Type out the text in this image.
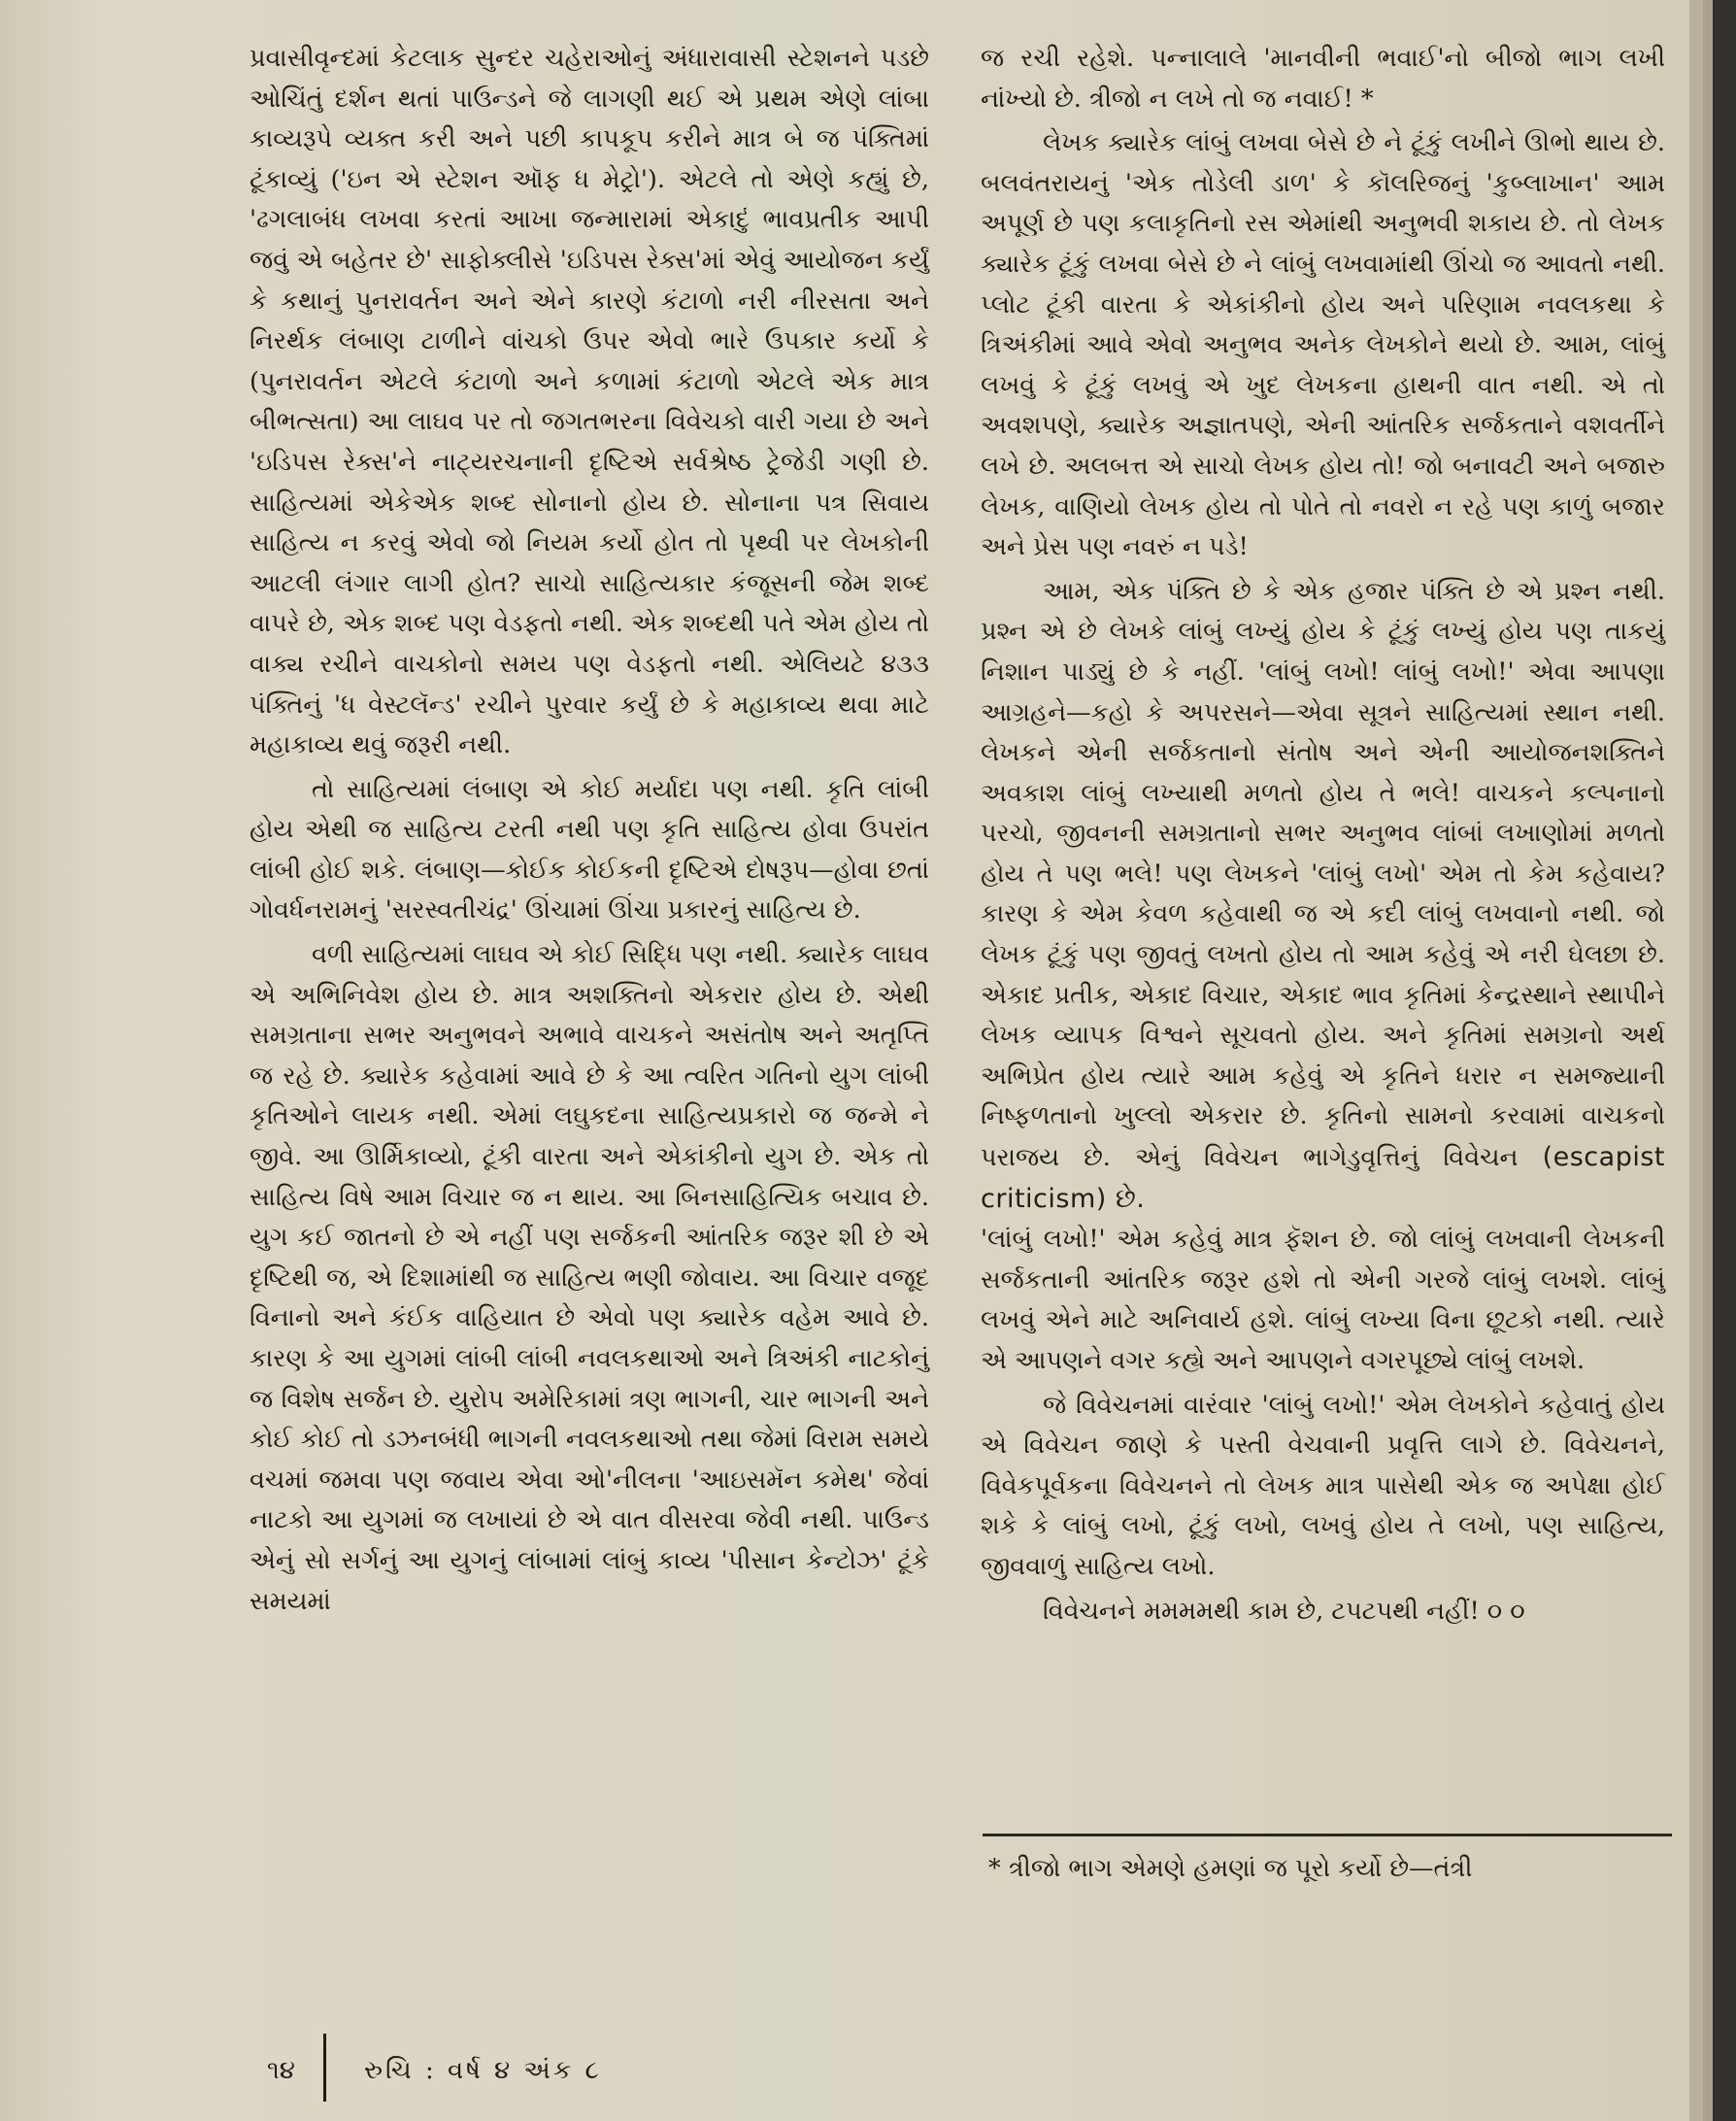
પ્રવાસીવૃન્દમાં કેટલાક સુન્દર ચહેરાઓનું અંધારાવાસી સ્ટેશનને પડછે ઓચિંતું દર્શન થતાં પાઉન્ડને જે લાગણી થઈ એ પ્રથમ એણે લાંબા કાવ્યરૂપે વ્યક્ત કરી અને પછી કાપકૂપ કરીને માત્ર બે જ પંક્તિમાં ટૂંકાવ્યું ('ઇન એ સ્ટેશન ઑફ ધ મેટ્રો'). એટલે તો એણે કહ્યું છે, 'ઢગલાબંધ લખવા કરતાં આખા જન્મારામાં એકાદું ભાવપ્રતીક આપી જવું એ બહેતર છે' સાફોક્લીસે 'ઇડિપસ રેક્સ'માં એવું આયોજન કર્યું કે કથાનું પુનરાવર્તન અને એને કારણે કંટાળો નરી નીરસતા અને નિરર્થક લંબાણ ટાળીને વાંચકો ઉપર એવો ભારે ઉપકાર કર્યો કે (પુનરાવર્તન એટલે કંટાળો અને કળામાં કંટાળો એટલે એક માત્ર બીભત્સતા) આ લાઘવ પર તો જગતભરના વિવેચકો વારી ગયા છે અને 'ઇડિપસ રેક્સ'ને નાટ્યરચનાની દૃષ્ટિએ સર્વશ્રેષ્ઠ ટ્રેજેડી ગણી છે. સાહિત્યમાં એકેએક શબ્દ સોનાનો હોય છે. સોનાના પત્ર સિવાય સાહિત્ય ન કરવું એવો જો નિયમ કર્યો હોત તો પૃથ્વી પર લેખકોની આટલી લંગાર લાગી હોત? સાચો સાહિત્યકાર કંજૂસની જેમ શબ્દ વાપરે છે, એક શબ્દ પણ વેડફતો નથી. એક શબ્દથી પતે એમ હોય તો વાક્ય રચીને વાચકોનો સમય પણ વેડફતો નથી. એલિયટે ૪૩૩ પંક્તિનું 'ધ વેસ્ટલૅન્ડ' રચીને પુરવાર કર્યું છે કે મહાકાવ્ય થવા માટે મહાકાવ્ય થવું જરૂરી નથી.

તો સાહિત્યમાં લંબાણ એ કોઈ મર્યાદા પણ નથી. કૃતિ લાંબી હોય એથી જ સાહિત્ય ટરતી નથી પણ કૃતિ સાહિત્ય હોવા ઉપરાંત લાંબી હોઈ શકે. લંબાણ—કોઈક કોઈકની દૃષ્ટિએ દોષરૂપ—હોવા છતાં ગોવર્ધનરામનું 'સરસ્વતીચંદ્ર' ઊંચામાં ઊંચા પ્રકારનું સાહિત્ય છે.

વળી સાહિત્યમાં લાઘવ એ કોઈ સિદ્ધિ પણ નથી. ક્યારેક લાઘવ એ અભિનિવેશ હોય છે. માત્ર અશક્તિનો એકરાર હોય છે. એથી સમગ્રતાના સભર અનુભવને અભાવે વાચકને અસંતોષ અને અતૃપ્તિ જ રહે છે. ક્યારેક કહેવામાં આવે છે કે આ ત્વરિત ગતિનો યુગ લાંબી કૃતિઓને લાયક નથી. એમાં લઘુકદના સાહિત્યપ્રકારો જ જન્મે ને જીવે. આ ઊર્મિકાવ્યો, ટૂંકી વારતા અને એકાંકીનો યુગ છે. એક તો સાહિત્ય વિષે આમ વિચાર જ ન થાય. આ બિનસાહિત્યિક બચાવ છે. યુગ કઈ જાતનો છે એ નહીં પણ સર્જકની આંતરિક જરૂર શી છે એ દૃષ્ટિથી જ, એ દિશામાંથી જ સાહિત્ય ભણી જોવાય. આ વિચાર વજૂદ વિનાનો અને કંઈક વાહિયાત છે એવો પણ ક્યારેક વહેમ આવે છે. કારણ કે આ યુગમાં લાંબી લાંબી નવલકથાઓ અને ત્રિઅંકી નાટકોનું જ વિશેષ સર્જન છે. યુરોપ અમેરિકામાં ત્રણ ભાગની, ચાર ભાગની અને કોઈ કોઈ તો ડઝનબંધી ભાગની નવલકથાઓ તથા જેમાં વિરામ સમયે વચમાં જમવા પણ જવાય એવા ઓ'નીલના 'આઇસમૅન કમેથ' જેવાં નાટકો આ યુગમાં જ લખાયાં છે એ વાત વીસરવા જેવી નથી. પાઉન્ડ એનું સો સર્ગનું આ યુગનું લાંબામાં લાંબું કાવ્ય 'પીસાન કેન્ટોઝ' ટૂંકે સમયમાં

જ રચી રહેશે. પન્નાલાલે 'માનવીની ભવાઈ'નો બીજો ભાગ લખી નાંખ્યો છે. ત્રીજો ન લખે તો જ નવાઈ! *

લેખક ક્યારેક લાંબું લખવા બેસે છે ને ટૂંકું લખીને ઊભો થાય છે. બલવંતરાયનું 'એક તોડેલી ડાળ' કે કૉલરિજનું 'કુબ્લાખાન' આમ અપૂર્ણ છે પણ કલાકૃતિનો રસ એમાંથી અનુભવી શકાય છે. તો લેખક ક્યારેક ટૂંકું લખવા બેસે છે ને લાંબું લખવામાંથી ઊંચો જ આવતો નથી. પ્લોટ ટૂંકી વારતા કે એકાંકીનો હોય અને પરિણામ નવલકથા કે ત્રિઅંકીમાં આવે એવો અનુભવ અનેક લેખકોને થયો છે. આમ, લાંબું લખવું કે ટૂંકું લખવું એ ખુદ લેખકના હાથની વાત નથી. એ તો અવશપણે, ક્યારેક અજ્ઞાતપણે, એની આંતરિક સર્જકતાને વશવર્તીને લખે છે. અલબત્ત એ સાચો લેખક હોય તો! જો બનાવટી અને બજારુ લેખક, વાણિયો લેખક હોય તો પોતે તો નવરો ન રહે પણ કાળું બજાર અને પ્રેસ પણ નવરું ન પડે!

આમ, એક પંક્તિ છે કે એક હજાર પંક્તિ છે એ પ્રશ્ન નથી. પ્રશ્ન એ છે લેખકે લાંબું લખ્યું હોય કે ટૂંકું લખ્યું હોય પણ તાકયું નિશાન પાડ્યું છે કે નહીં. 'લાંબું લખો! લાંબું લખો!' એવા આપણા આગ્રહને—કહો કે અપરસને—એવા સૂત્રને સાહિત્યમાં સ્થાન નથી. લેખકને એની સર્જકતાનો સંતોષ અને એની આયોજનશક્તિને અવકાશ લાંબું લખ્યાથી મળતો હોય તે ભલે! વાચકને કલ્પનાનો પરચો, જીવનની સમગ્રતાનો સભર અનુભવ લાંબાં લખાણોમાં મળતો હોય તે પણ ભલે! પણ લેખકને 'લાંબું લખો' એમ તો કેમ કહેવાય? કારણ કે એમ કેવળ કહેવાથી જ એ કદી લાંબું લખવાનો નથી. જો લેખક ટૂંકું પણ જીવતું લખતો હોય તો આમ કહેવું એ નરી ઘેલછા છે. એકાદ પ્રતીક, એકાદ વિચાર, એકાદ ભાવ કૃતિમાં કેન્દ્રસ્થાને સ્થાપીને લેખક વ્યાપક વિશ્વને સૂચવતો હોય. અને કૃતિમાં સમગ્રનો અર્થ અભિપ્રેત હોય ત્યારે આમ કહેવું એ કૃતિને ધરાર ન સમજ્યાની નિષ્ફળતાનો ખુલ્લો એકરાર છે. કૃતિનો સામનો કરવામાં વાચકનો પરાજય છે. એનું વિવેચન ભાગેડુવૃત્તિનું વિવેચન (escapist criticism) છે.

'લાંબું લખો!' એમ કહેવું માત્ર ફૅશન છે. જો લાંબું લખવાની લેખકની સર્જકતાની આંતરિક જરૂર હશે તો એની ગરજે લાંબું લખશે. લાંબું લખવું એને માટે અનિવાર્ય હશે. લાંબું લખ્યા વિના છૂટકો નથી. ત્યારે એ આપણને વગર કહ્યે અને આપણને વગરપૂછ્યે લાંબું લખશે.

જે વિવેચનમાં વારંવાર 'લાંબું લખો!' એમ લેખકોને કહેવાતું હોય એ વિવેચન જાણે કે પસ્તી વેચવાની પ્રવૃત્તિ લાગે છે. વિવેચનને, વિવેકપૂર્વકના વિવેચનને તો લેખક માત્ર પાસેથી એક જ અપેક્ષા હોઈ શકે કે લાંબું લખો, ટૂંકું લખો, લખવું હોય તે લખો, પણ સાહિત્ય, જીવવાળું સાહિત્ય લખો.

વિવેચનને મમમમથી કામ છે, ટપટપથી નહીં! ૦ ૦

* ત્રીજો ભાગ એમણે હમણાં જ પૂરો કર્યો છે—તંત્રી
૧૪	રુચિ : વર્ષ ૪ અંક ૮
